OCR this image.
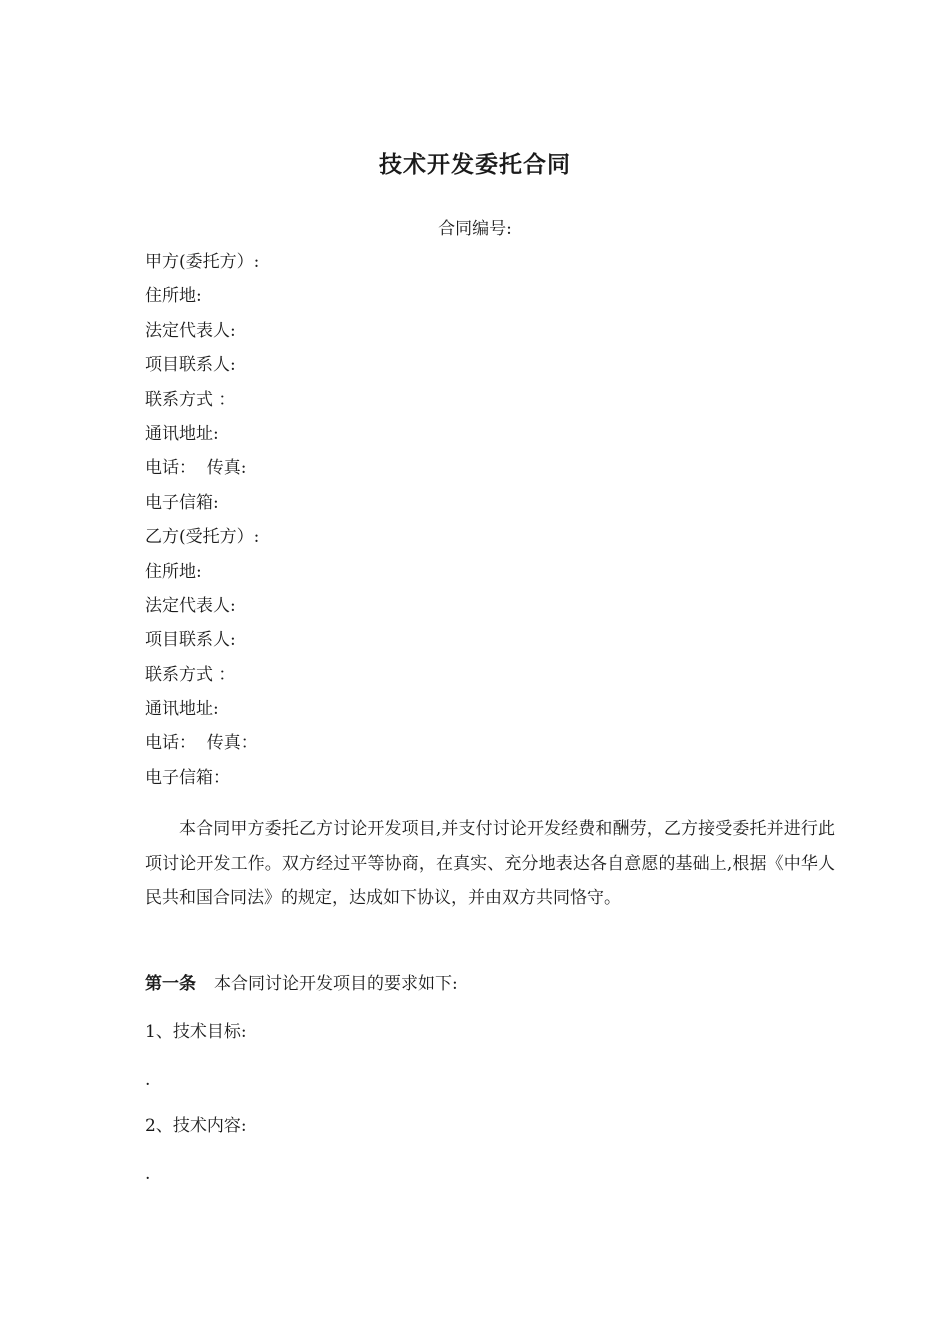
技术开发委托合同
合同编号:
甲方(委托方）:
住所地:
法定代表人:
项目联系人:
联系方式 ：
通讯地址:
电话：  传真:
电子信箱:
乙方(受托方）:
住所地:
法定代表人:
项目联系人:
联系方式 ：
通讯地址:
电话：  传真：
电子信箱：
本合同甲方委托乙方讨论开发项目,并支付讨论开发经费和酬劳，乙方接受委托并进行此项讨论开发工作。双方经过平等协商，在真实、充分地表达各自意愿的基础上,根据《中华人民共和国合同法》的规定，达成如下协议，并由双方共同恪守。
第一条 本合同讨论开发项目的要求如下:
1、技术目标:
.
2、技术内容:
.
